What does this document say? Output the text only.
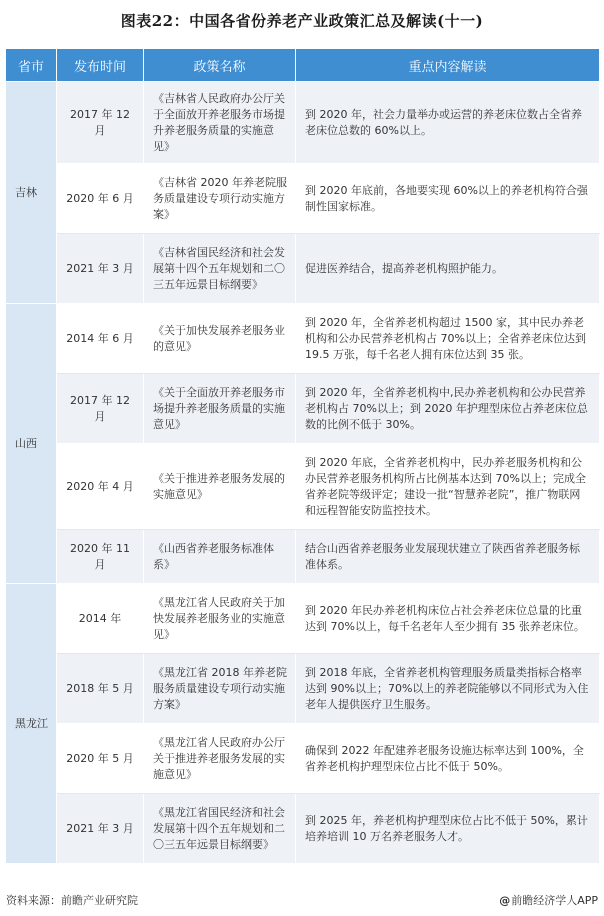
图表22：中国各省份养老产业政策汇总及解读(十一)
省市	发布时间	政策名称	重点内容解读
吉林	2017 年 12 月	《吉林省人民政府办公厅关于全面放开养老服务市场提升养老服务质量的实施意见》	到 2020 年，社会力量举办或运营的养老床位数占全省养老床位总数的 60%以上。
	2020 年 6 月	《吉林省 2020 年养老院服务质量建设专项行动实施方案》	到 2020 年底前，各地要实现 60%以上的养老机构符合强制性国家标准。
	2021 年 3 月	《吉林省国民经济和社会发展第十四个五年规划和二〇三五年远景目标纲要》	促进医养结合，提高养老机构照护能力。
山西	2014 年 6 月	《关于加快发展养老服务业的意见》	到 2020 年，全省养老机构超过 1500 家，其中民办养老机构和公办民营养老机构占 70%以上；全省养老床位达到 19.5 万张，每千名老人拥有床位达到 35 张。
	2017 年 12 月	《关于全面放开养老服务市场提升养老服务质量的实施意见》	到 2020 年，全省养老机构中,民办养老机构和公办民营养老机构占 70%以上；到 2020 年护理型床位占养老床位总数的比例不低于 30%。
	2020 年 4 月	《关于推进养老服务发展的实施意见》	到 2020 年底，全省养老机构中，民办养老服务机构和公办民营养老服务机构所占比例基本达到 70%以上；完成全省养老院等级评定；建设一批“智慧养老院”，推广物联网和远程智能安防监控技术。
	2020 年 11 月	《山西省养老服务标准体系》	结合山西省养老服务业发展现状建立了陕西省养老服务标准体系。
黑龙江	2014 年	《黑龙江省人民政府关于加快发展养老服务业的实施意见》	到 2020 年民办养老机构床位占社会养老床位总量的比重达到 70%以上，每千名老年人至少拥有 35 张养老床位。
	2018 年 5 月	《黑龙江省 2018 年养老院服务质量建设专项行动实施方案》	到 2018 年底，全省养老机构管理服务质量类指标合格率达到 90%以上；70%以上的养老院能够以不同形式为入住老年人提供医疗卫生服务。
	2020 年 5 月	《黑龙江省人民政府办公厅关于推进养老服务发展的实施意见》	确保到 2022 年配建养老服务设施达标率达到 100%，全省养老机构护理型床位占比不低于 50%。
	2021 年 3 月	《黑龙江省国民经济和社会发展第十四个五年规划和二〇三五年远景目标纲要》	到 2025 年，养老机构护理型床位占比不低于 50%，累计培养培训 10 万名养老服务人才。
资料来源：前瞻产业研究院	@前瞻经济学人APP
